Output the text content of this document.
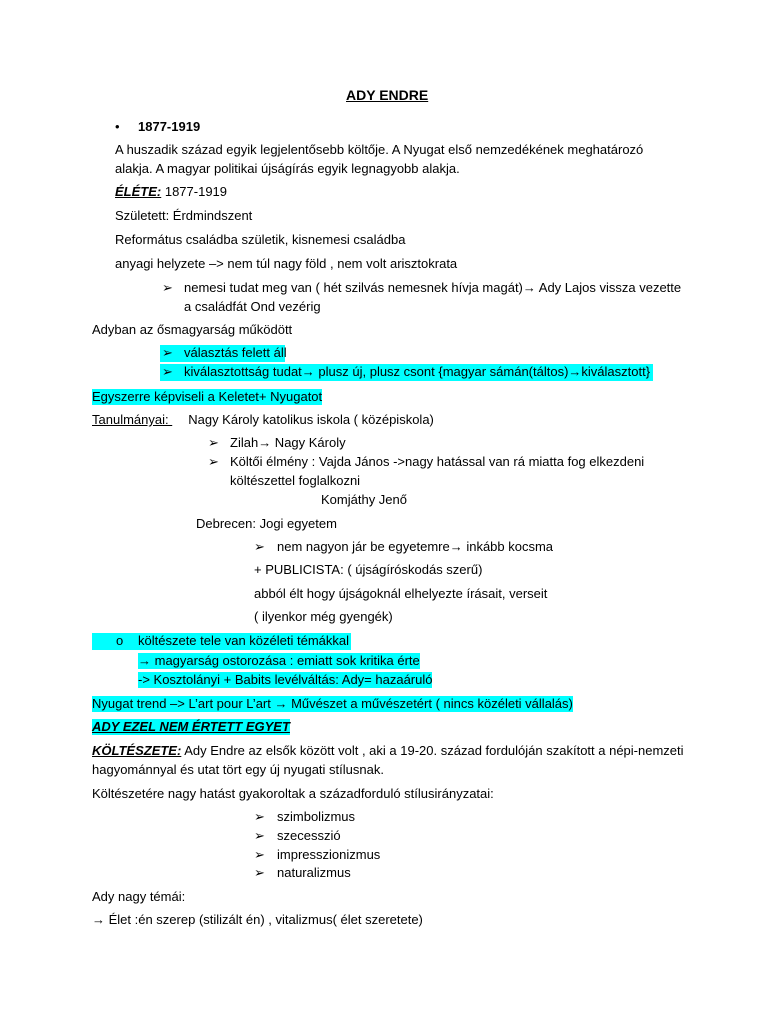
ADY ENDRE
• 1877-1919
A huszadik század egyik legjelentősebb költője. A Nyugat első nemzedékének meghatározó
alakja. A magyar politikai újságírás egyik legnagyobb alakja.
ÉLÉTE: 1877-1919
Született: Érdmindszent
Református családba születik, kisnemesi családba
anyagi helyzete –> nem túl nagy föld , nem volt arisztokrata
➢ nemesi tudat meg van ( hét szilvás nemesnek hívja magát)→ Ady Lajos vissza vezette
a családfát Ond vezérig
Adyban az ősmagyarság működött
➢ választás felett áll
➢ kiválasztottság tudat→ plusz új, plusz csont {magyar sámán(táltos)→kiválasztott}
Egyszerre képviseli a Keletet+ Nyugatot
Tanulmányai: Nagy Károly katolikus iskola ( középiskola)
➢ Zilah→ Nagy Károly
➢ Költői élmény : Vajda János ->nagy hatással van rá miatta fog elkezdeni
költészettel foglalkozni
Komjáthy Jenő
Debrecen: Jogi egyetem
➢ nem nagyon jár be egyetemre→ inkább kocsma
+ PUBLICISTA: ( újságíróskodás szerű)
abból élt hogy újságoknál elhelyezte írásait, verseit
( ilyenkor még gyengék)
o költészete tele van közéleti témákkal
→ magyarság ostorozása : emiatt sok kritika érte
-> Kosztolányi + Babits levélváltás: Ady= hazaáruló
Nyugat trend –> L’art pour L’art → Művészet a művészetért ( nincs közéleti vállalás)
ADY EZEL NEM ÉRTETT EGYET
KÖLTÉSZETE: Ady Endre az elsők között volt , aki a 19-20. század fordulóján szakított a népi-nemzeti
hagyománnyal és utat tört egy új nyugati stílusnak.
Költészetére nagy hatást gyakoroltak a századforduló stílusirányzatai:
➢ szimbolizmus
➢ szecesszió
➢ impresszionizmus
➢ naturalizmus
Ady nagy témái:
→ Élet :én szerep (stilizált én) , vitalizmus( élet szeretete)
